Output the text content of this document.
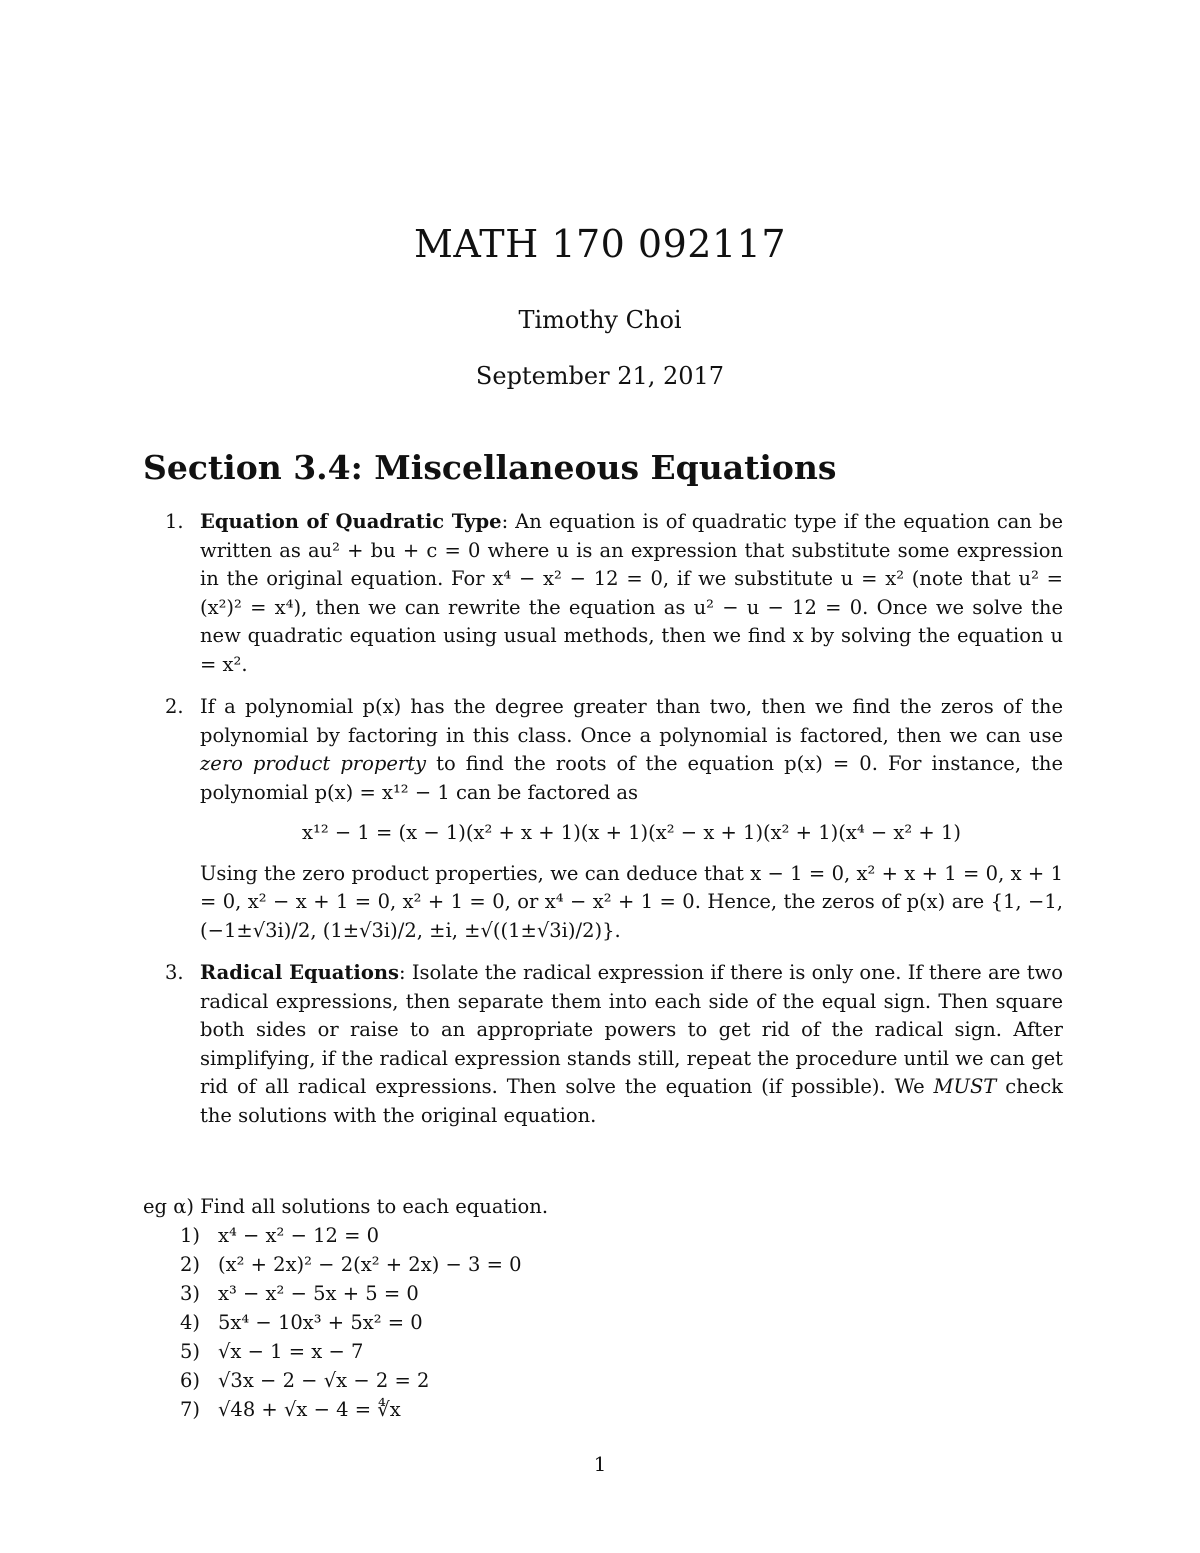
MATH 170 092117
Timothy Choi
September 21, 2017
Section 3.4: Miscellaneous Equations
1. Equation of Quadratic Type: An equation is of quadratic type if the equation can be written as au² + bu + c = 0 where u is an expression that substitute some expression in the original equation. For x⁴ − x² − 12 = 0, if we substitute u = x² (note that u² = (x²)² = x⁴), then we can rewrite the equation as u² − u − 12 = 0. Once we solve the new quadratic equation using usual methods, then we find x by solving the equation u = x².
2. If a polynomial p(x) has the degree greater than two, then we find the zeros of the polynomial by factoring in this class. Once a polynomial is factored, then we can use zero product property to find the roots of the equation p(x) = 0. For instance, the polynomial p(x) = x¹² − 1 can be factored as
x¹² − 1 = (x − 1)(x² + x + 1)(x + 1)(x² − x + 1)(x² + 1)(x⁴ − x² + 1)
Using the zero product properties, we can deduce that x − 1 = 0, x² + x + 1 = 0, x + 1 = 0, x² − x + 1 = 0, x² + 1 = 0, or x⁴ − x² + 1 = 0. Hence, the zeros of p(x) are {1, −1, (−1±√3i)/2, (1±√3i)/2, ±i, ±√((1±√3i)/2)}.
3. Radical Equations: Isolate the radical expression if there is only one. If there are two radical expressions, then separate them into each side of the equal sign. Then square both sides or raise to an appropriate powers to get rid of the radical sign. After simplifying, if the radical expression stands still, repeat the procedure until we can get rid of all radical expressions. Then solve the equation (if possible). We MUST check the solutions with the original equation.
eg α) Find all solutions to each equation.
1) x⁴ − x² − 12 = 0
2) (x² + 2x)² − 2(x² + 2x) − 3 = 0
3) x³ − x² − 5x + 5 = 0
4) 5x⁴ − 10x³ + 5x² = 0
5) √x − 1 = x − 7
6) √3x − 2 − √x − 2 = 2
7) √48 + √x − 4 = ∜x
1
